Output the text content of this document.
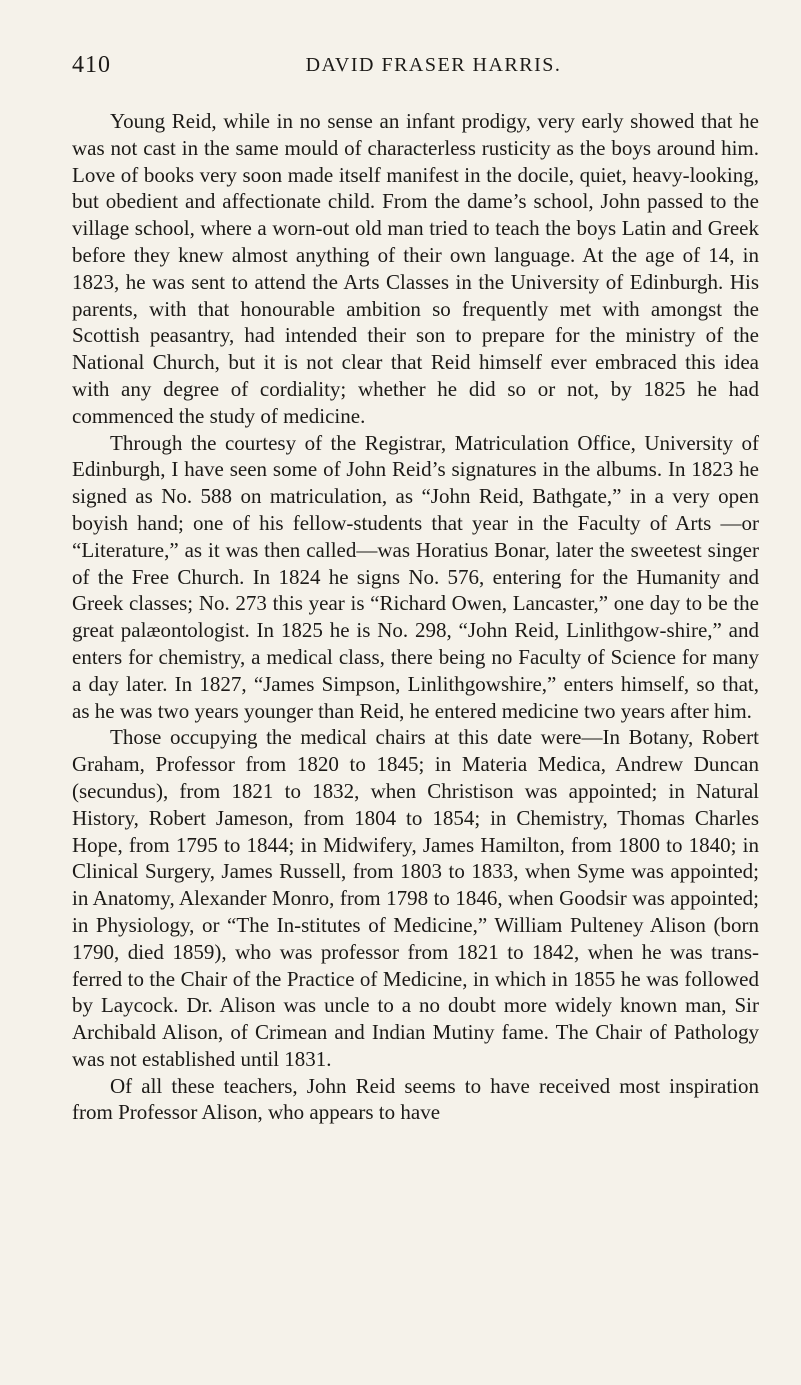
410	DAVID FRASER HARRIS.

Young Reid, while in no sense an infant prodigy, very early showed that he was not cast in the same mould of characterless rusticity as the boys around him. Love of books very soon made itself manifest in the docile, quiet, heavy-looking, but obedient and affectionate child. From the dame’s school, John passed to the village school, where a worn-out old man tried to teach the boys Latin and Greek before they knew almost anything of their own language. At the age of 14, in 1823, he was sent to attend the Arts Classes in the University of Edinburgh. His parents, with that honourable ambition so frequently met with amongst the Scottish peasantry, had intended their son to prepare for the ministry of the National Church, but it is not clear that Reid himself ever embraced this idea with any degree of cordiality; whether he did so or not, by 1825 he had commenced the study of medicine.

Through the courtesy of the Registrar, Matriculation Office, University of Edinburgh, I have seen some of John Reid’s signatures in the albums. In 1823 he signed as No. 588 on matriculation, as “John Reid, Bathgate,” in a very open boyish hand; one of his fellow-students that year in the Faculty of Arts —or “Literature,” as it was then called—was Horatius Bonar, later the sweetest singer of the Free Church. In 1824 he signs No. 576, entering for the Humanity and Greek classes; No. 273 this year is “Richard Owen, Lancaster,” one day to be the great palæontologist. In 1825 he is No. 298, “John Reid, Linlithgow-shire,” and enters for chemistry, a medical class, there being no Faculty of Science for many a day later. In 1827, “James Simpson, Linlithgowshire,” enters himself, so that, as he was two years younger than Reid, he entered medicine two years after him.

Those occupying the medical chairs at this date were—In Botany, Robert Graham, Professor from 1820 to 1845; in Materia Medica, Andrew Duncan (secundus), from 1821 to 1832, when Christison was appointed; in Natural History, Robert Jameson, from 1804 to 1854; in Chemistry, Thomas Charles Hope, from 1795 to 1844; in Midwifery, James Hamilton, from 1800 to 1840; in Clinical Surgery, James Russell, from 1803 to 1833, when Syme was appointed; in Anatomy, Alexander Monro, from 1798 to 1846, when Goodsir was appointed; in Physiology, or “The In-stitutes of Medicine,” William Pulteney Alison (born 1790, died 1859), who was professor from 1821 to 1842, when he was trans-ferred to the Chair of the Practice of Medicine, in which in 1855 he was followed by Laycock. Dr. Alison was uncle to a no doubt more widely known man, Sir Archibald Alison, of Crimean and Indian Mutiny fame. The Chair of Pathology was not established until 1831.

Of all these teachers, John Reid seems to have received most inspiration from Professor Alison, who appears to have
